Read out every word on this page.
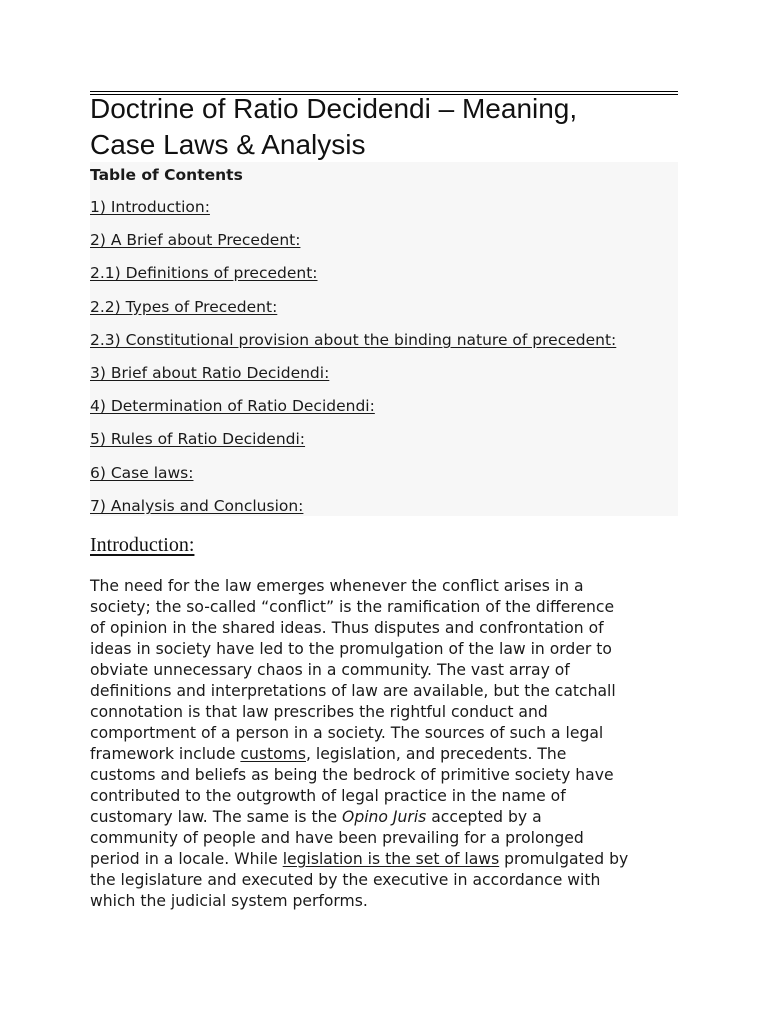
Doctrine of Ratio Decidendi – Meaning,
Case Laws & Analysis

Table of Contents

1) Introduction:
2) A Brief about Precedent:
2.1) Definitions of precedent:
2.2) Types of Precedent:
2.3) Constitutional provision about the binding nature of precedent:
3) Brief about Ratio Decidendi:
4) Determination of Ratio Decidendi:
5) Rules of Ratio Decidendi:
6) Case laws:
7) Analysis and Conclusion:
Introduction:

The need for the law emerges whenever the conflict arises in a
society; the so-called “conflict” is the ramification of the difference
of opinion in the shared ideas. Thus disputes and confrontation of
ideas in society have led to the promulgation of the law in order to
obviate unnecessary chaos in a community. The vast array of
definitions and interpretations of law are available, but the catchall
connotation is that law prescribes the rightful conduct and
comportment of a person in a society. The sources of such a legal
framework include customs, legislation, and precedents. The
customs and beliefs as being the bedrock of primitive society have
contributed to the outgrowth of legal practice in the name of
customary law. The same is the Opino Juris accepted by a
community of people and have been prevailing for a prolonged
period in a locale. While legislation is the set of laws promulgated by
the legislature and executed by the executive in accordance with
which the judicial system performs.
